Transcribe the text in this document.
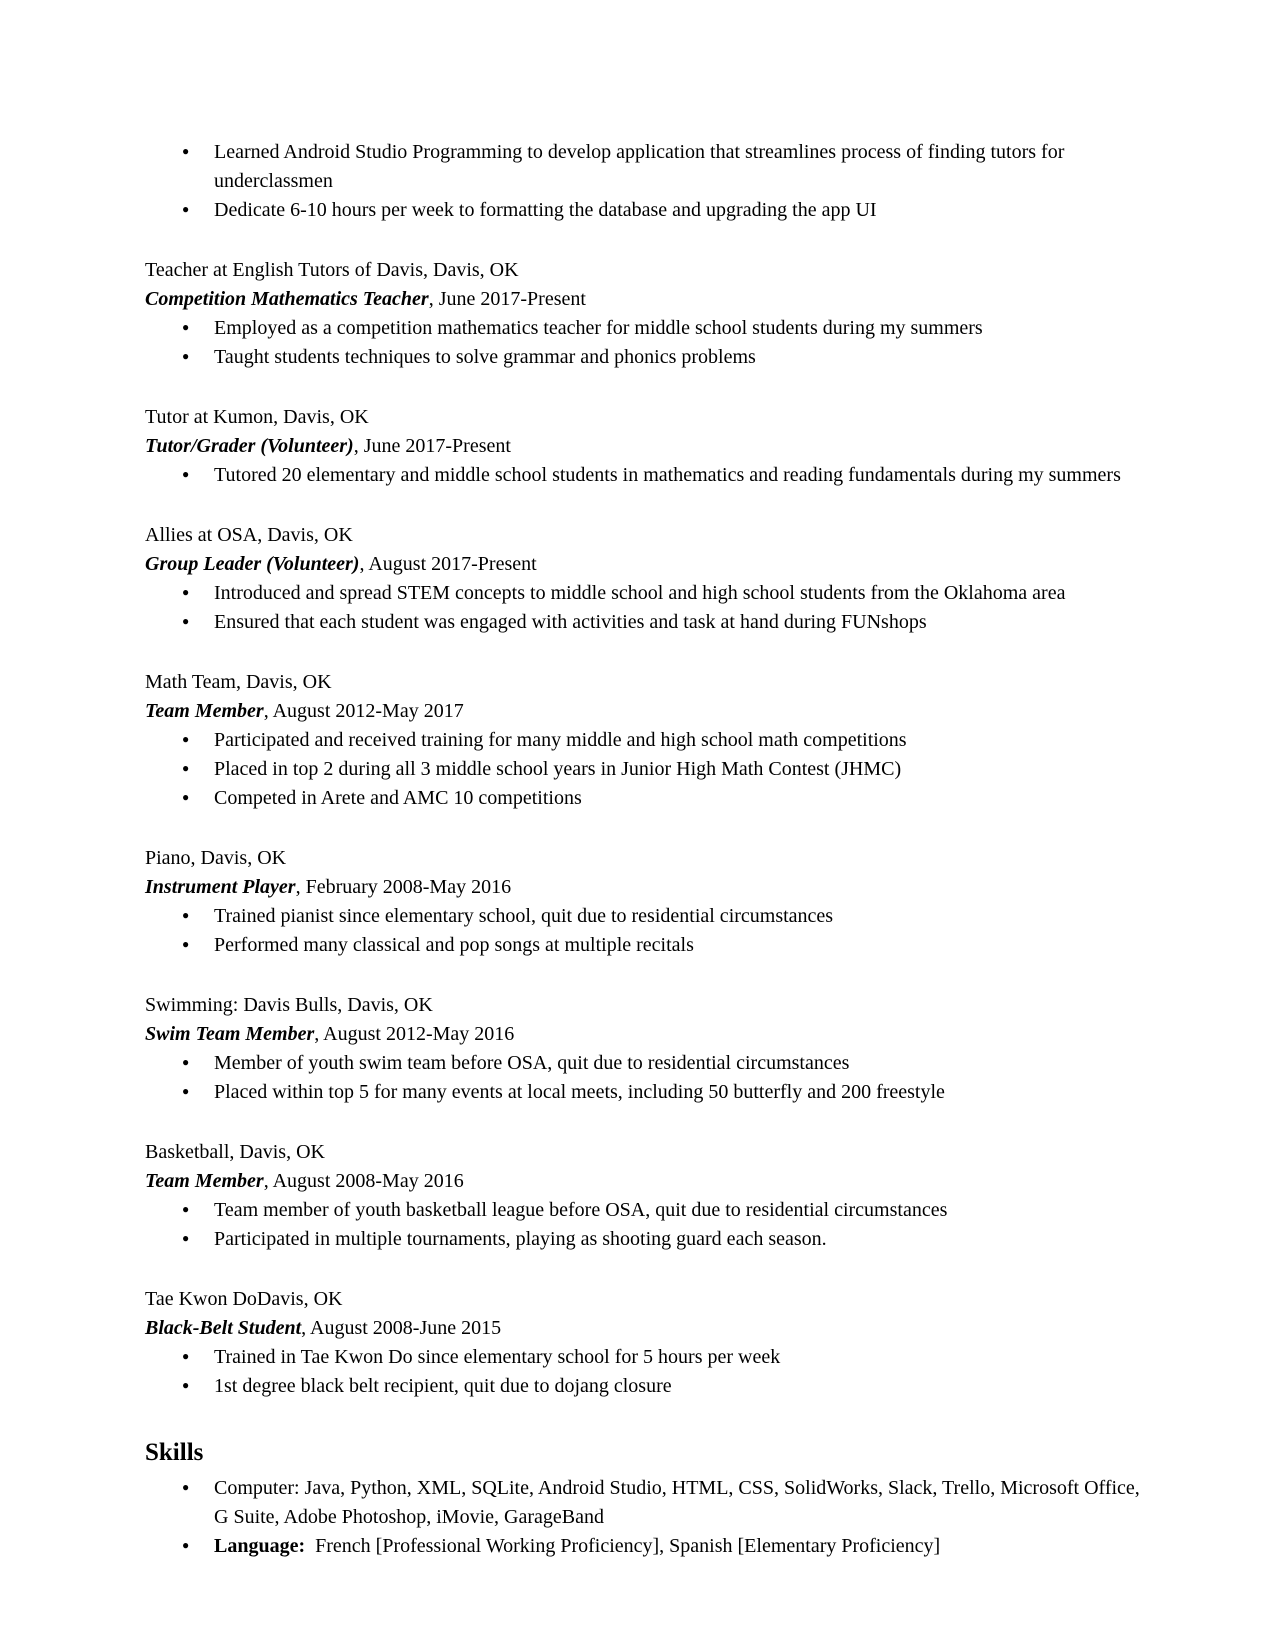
● Learned Android Studio Programming to develop application that streamlines process of finding tutors for underclassmen
● Dedicate 6-10 hours per week to formatting the database and upgrading the app UI
Teacher at English Tutors of Davis, Davis, OK
Competition Mathematics Teacher, June 2017-Present
● Employed as a competition mathematics teacher for middle school students during my summers
● Taught students techniques to solve grammar and phonics problems
Tutor at Kumon, Davis, OK
Tutor/Grader (Volunteer), June 2017-Present
● Tutored 20 elementary and middle school students in mathematics and reading fundamentals during my summers
Allies at OSA, Davis, OK
Group Leader (Volunteer), August 2017-Present
● Introduced and spread STEM concepts to middle school and high school students from the Oklahoma area
● Ensured that each student was engaged with activities and task at hand during FUNshops
Math Team, Davis, OK
Team Member, August 2012-May 2017
● Participated and received training for many middle and high school math competitions
● Placed in top 2 during all 3 middle school years in Junior High Math Contest (JHMC)
● Competed in Arete and AMC 10 competitions
Piano, Davis, OK
Instrument Player, February 2008-May 2016
● Trained pianist since elementary school, quit due to residential circumstances
● Performed many classical and pop songs at multiple recitals
Swimming: Davis Bulls, Davis, OK
Swim Team Member, August 2012-May 2016
● Member of youth swim team before OSA, quit due to residential circumstances
● Placed within top 5 for many events at local meets, including 50 butterfly and 200 freestyle
Basketball, Davis, OK
Team Member, August 2008-May 2016
● Team member of youth basketball league before OSA, quit due to residential circumstances
● Participated in multiple tournaments, playing as shooting guard each season.
Tae Kwon DoDavis, OK
Black-Belt Student, August 2008-June 2015
● Trained in Tae Kwon Do since elementary school for 5 hours per week
● 1st degree black belt recipient, quit due to dojang closure
Skills
● Computer: Java, Python, XML, SQLite, Android Studio, HTML, CSS, SolidWorks, Slack, Trello, Microsoft Office, G Suite, Adobe Photoshop, iMovie, GarageBand
● Language:  French [Professional Working Proficiency], Spanish [Elementary Proficiency]
